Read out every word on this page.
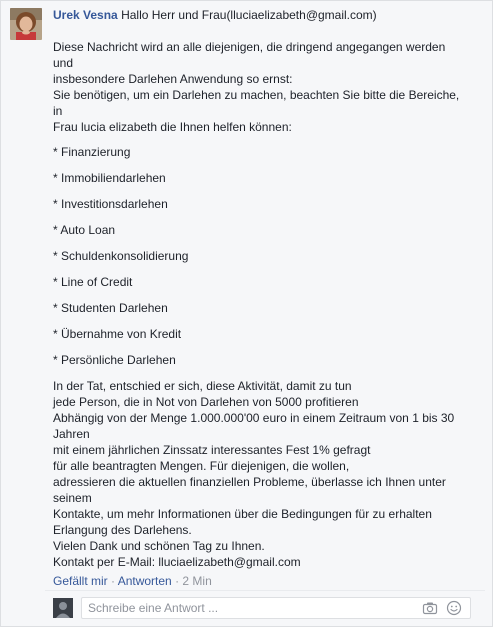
Urek Vesna Hallo Herr und Frau(lluciaelizabeth@gmail.com)
Diese Nachricht wird an alle diejenigen, die dringend angegangen werden
und
insbesondere Darlehen Anwendung so ernst:
Sie benötigen, um ein Darlehen zu machen, beachten Sie bitte die Bereiche,
in
Frau lucia elizabeth die Ihnen helfen können:
* Finanzierung
* Immobiliendarlehen
* Investitionsdarlehen
* Auto Loan
* Schuldenkonsolidierung
* Line of Credit
* Studenten Darlehen
* Übernahme von Kredit
* Persönliche Darlehen
In der Tat, entschied er sich, diese Aktivität, damit zu tun
jede Person, die in Not von Darlehen von 5000 profitieren
Abhängig von der Menge 1.000.000'00 euro in einem Zeitraum von 1 bis 30
Jahren
mit einem jährlichen Zinssatz interessantes Fest 1% gefragt
für alle beantragten Mengen. Für diejenigen, die wollen,
adressieren die aktuellen finanziellen Probleme, überlasse ich Ihnen unter
seinem
Kontakte, um mehr Informationen über die Bedingungen für zu erhalten
Erlangung des Darlehens.
Vielen Dank und schönen Tag zu Ihnen.
Kontakt per E-Mail: lluciaelizabeth@gmail.com
Gefällt mir · Antworten · 2 Min
Schreibe eine Antwort ...
